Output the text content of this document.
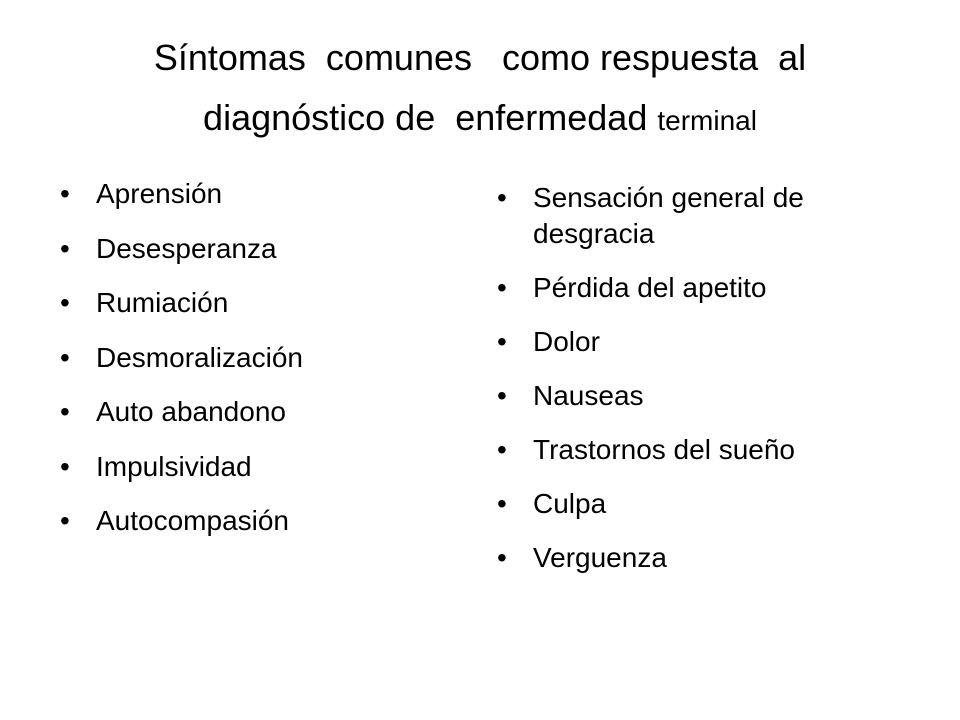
Síntomas  comunes   como respuesta  al
diagnóstico de  enfermedad terminal
• Aprensión
• Desesperanza
• Rumiación
• Desmoralización
• Auto abandono
• Impulsividad
• Autocompasión
• Sensación general de desgracia
• Pérdida del apetito
• Dolor
• Nauseas
• Trastornos del sueño
• Culpa
• Verguenza
